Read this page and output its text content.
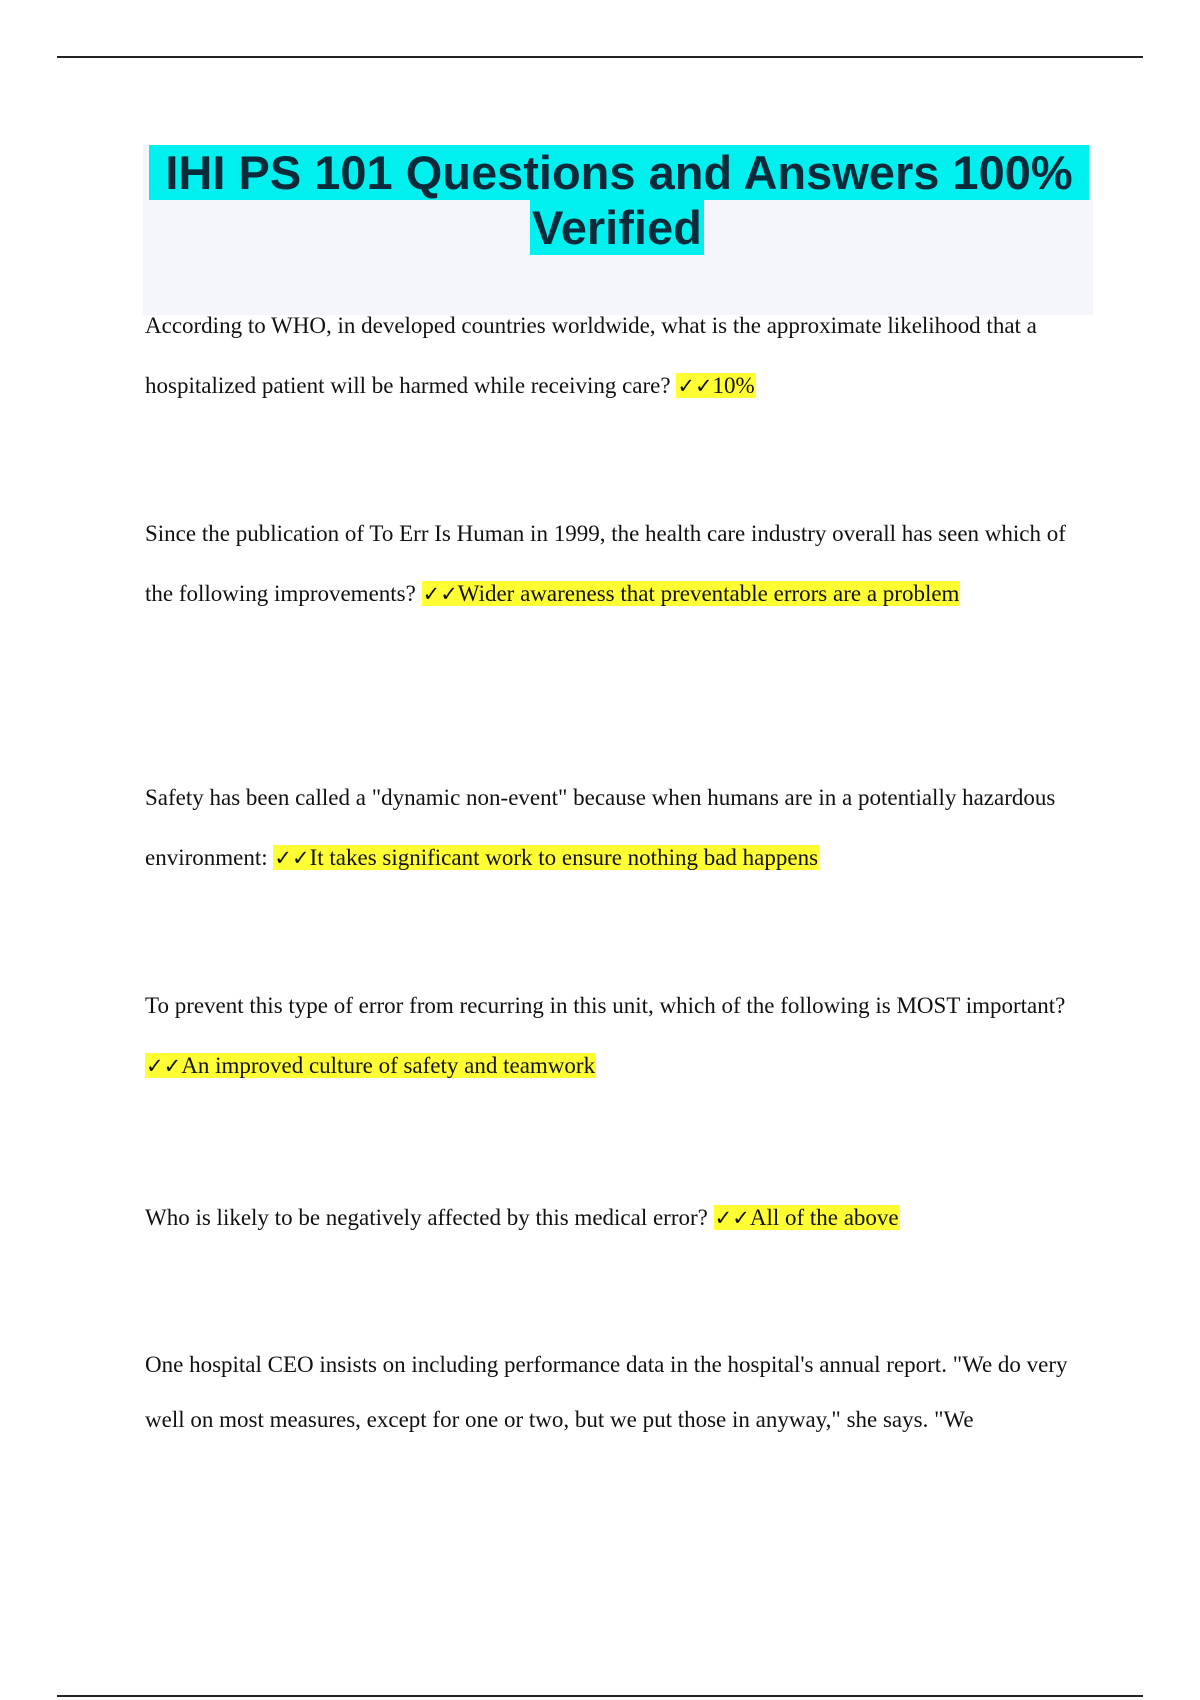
IHI PS 101 Questions and Answers 100%
Verified
According to WHO, in developed countries worldwide, what is the approximate likelihood that a hospitalized patient will be harmed while receiving care? ✓✓10%
Since the publication of To Err Is Human in 1999, the health care industry overall has seen which of the following improvements? ✓✓Wider awareness that preventable errors are a problem
Safety has been called a "dynamic non-event" because when humans are in a potentially hazardous environment: ✓✓It takes significant work to ensure nothing bad happens
To prevent this type of error from recurring in this unit, which of the following is MOST important? ✓✓An improved culture of safety and teamwork
Who is likely to be negatively affected by this medical error? ✓✓All of the above
One hospital CEO insists on including performance data in the hospital's annual report. "We do very well on most measures, except for one or two, but we put those in anyway," she says. "We
